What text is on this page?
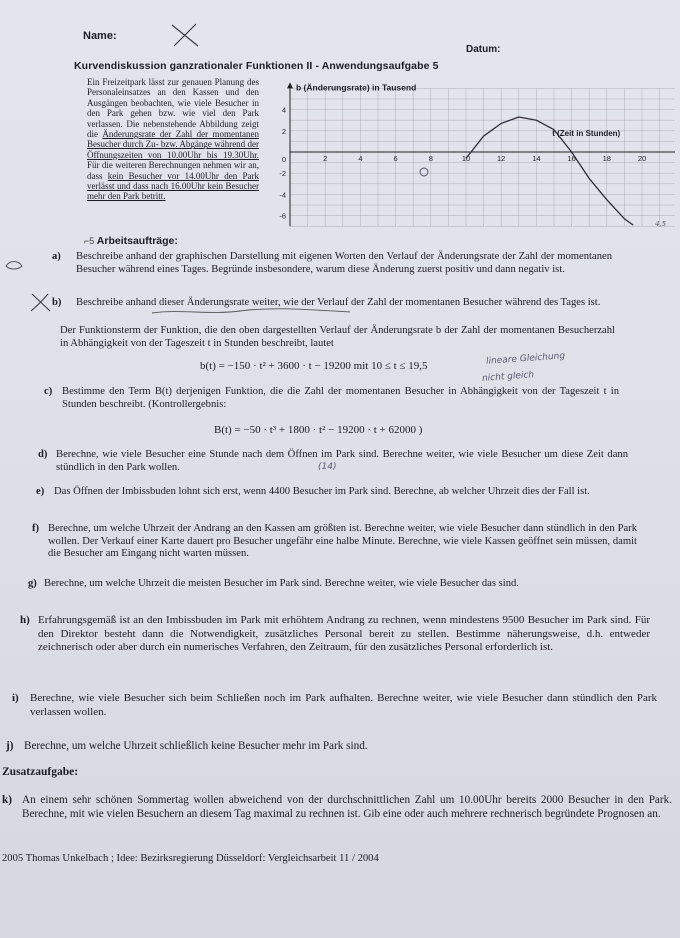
Name:
Datum:
Kurvendiskussion ganzrationaler Funktionen II - Anwendungsaufgabe 5
Ein Freizeitpark lässt zur genauen Planung des Personaleinsatzes an den Kassen und den Ausgängen beobachten, wie viele Besucher in den Park gehen bzw. wie viel den Park verlassen. Die nebenstehende Abbildung zeigt die Änderungsrate der Zahl der momentanen Besucher durch Zu- bzw. Abgänge während der Öffnungszeiten von 10.00Uhr bis 19.30Uhr. Für die weiteren Berechnungen nehmen wir an, dass kein Besucher vor 14.00Uhr den Park verlässt und dass nach 16.00Uhr kein Besucher mehr den Park betritt.
2	4	6	8	10	12	14	16	18	20
4
2
-2
-4
-6
0
b (Änderungsrate) in Tausend
t (Zeit in Stunden)
4,5
⌐5 Arbeitsaufträge:
a) Beschreibe anhand der graphischen Darstellung mit eigenen Worten den Verlauf der Änderungsrate der Zahl der momentanen Besucher während eines Tages. Begründe insbesondere, warum diese Änderung zuerst positiv und dann negativ ist.
b) Beschreibe anhand dieser Änderungsrate weiter, wie der Verlauf der Zahl der momentanen Besucher während des Tages ist.
Der Funktionsterm der Funktion, die den oben dargestellten Verlauf der Änderungsrate b der Zahl der momentanen Besucherzahl in Abhängigkeit von der Tageszeit t in Stunden beschreibt, lautet
b(t) = −150 · t² + 3600 · t − 19200 mit 10 ≤ t ≤ 19,5	lineare Gleichung
nicht gleich
c) Bestimme den Term B(t) derjenigen Funktion, die die Zahl der momentanen Besucher in Abhängigkeit von der Tageszeit t in Stunden beschreibt. (Kontrollergebnis:
B(t) = −50 · t³ + 1800 · t² − 19200 · t + 62000 )
d) Berechne, wie viele Besucher eine Stunde nach dem Öffnen im Park sind. Berechne weiter, wie viele Besucher um diese Zeit dann stündlich in den Park wollen.	(14)
e) Das Öffnen der Imbissbuden lohnt sich erst, wenn 4400 Besucher im Park sind. Berechne, ab welcher Uhrzeit dies der Fall ist.
f) Berechne, um welche Uhrzeit der Andrang an den Kassen am größten ist. Berechne weiter, wie viele Besucher dann stündlich in den Park wollen. Der Verkauf einer Karte dauert pro Besucher ungefähr eine halbe Minute. Berechne, wie viele Kassen geöffnet sein müssen, damit die Besucher am Eingang nicht warten müssen.
g) Berechne, um welche Uhrzeit die meisten Besucher im Park sind. Berechne weiter, wie viele Besucher das sind.
h) Erfahrungsgemäß ist an den Imbissbuden im Park mit erhöhtem Andrang zu rechnen, wenn mindestens 9500 Besucher im Park sind. Für den Direktor besteht dann die Notwendigkeit, zusätzliches Personal bereit zu stellen. Bestimme näherungsweise, d.h. entweder zeichnerisch oder aber durch ein numerisches Verfahren, den Zeitraum, für den zusätzliches Personal erforderlich ist.
i) Berechne, wie viele Besucher sich beim Schließen noch im Park aufhalten. Berechne weiter, wie viele Besucher dann stündlich den Park verlassen wollen.
j) Berechne, um welche Uhrzeit schließlich keine Besucher mehr im Park sind.
Zusatzaufgabe:
k) An einem sehr schönen Sommertag wollen abweichend von der durchschnittlichen Zahl um 10.00Uhr bereits 2000 Besucher in den Park. Berechne, mit wie vielen Besuchern an diesem Tag maximal zu rechnen ist. Gib eine oder auch mehrere rechnerisch begründete Prognosen an.
2005 Thomas Unkelbach ; Idee: Bezirksregierung Düsseldorf: Vergleichsarbeit 11 / 2004
